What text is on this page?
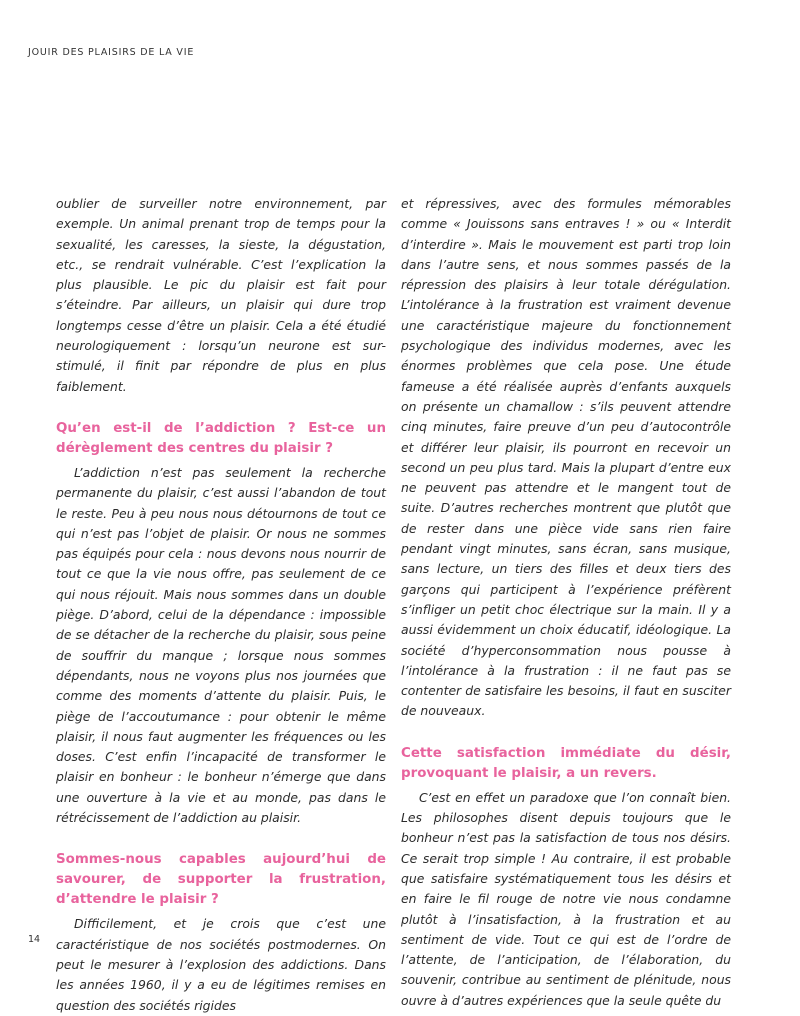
JOUIR DES PLAISIRS DE LA VIE

oublier de surveiller notre environnement, par exemple. Un animal prenant trop de temps pour la sexualité, les caresses, la sieste, la dégustation, etc., se rendrait vulnérable. C’est l’explication la plus plausible. Le pic du plaisir est fait pour s’éteindre. Par ailleurs, un plaisir qui dure trop longtemps cesse d’être un plaisir. Cela a été étudié neurologiquement : lorsqu’un neurone est sur-stimulé, il finit par répondre de plus en plus faiblement.

Qu’en est-il de l’addiction ? Est-ce un dérèglement des centres du plaisir ?

L’addiction n’est pas seulement la recherche permanente du plaisir, c’est aussi l’abandon de tout le reste. Peu à peu nous nous détournons de tout ce qui n’est pas l’objet de plaisir. Or nous ne sommes pas équipés pour cela : nous devons nous nourrir de tout ce que la vie nous offre, pas seulement de ce qui nous réjouit. Mais nous sommes dans un double piège. D’abord, celui de la dépendance : impossible de se détacher de la recherche du plaisir, sous peine de souffrir du manque ; lorsque nous sommes dépendants, nous ne voyons plus nos journées que comme des moments d’attente du plaisir. Puis, le piège de l’accoutumance : pour obtenir le même plaisir, il nous faut augmenter les fréquences ou les doses. C’est enfin l’incapacité de transformer le plaisir en bonheur : le bonheur n’émerge que dans une ouverture à la vie et au monde, pas dans le rétrécissement de l’addiction au plaisir.

Sommes-nous capables aujourd’hui de savourer, de supporter la frustration, d’attendre le plaisir ?

Difficilement, et je crois que c’est une caractéristique de nos sociétés postmodernes. On peut le mesurer à l’explosion des addictions. Dans les années 1960, il y a eu de légitimes remises en question des sociétés rigides

et répressives, avec des formules mémorables comme « Jouissons sans entraves ! » ou « Interdit d’interdire ». Mais le mouvement est parti trop loin dans l’autre sens, et nous sommes passés de la répression des plaisirs à leur totale dérégulation. L’intolérance à la frustration est vraiment devenue une caractéristique majeure du fonctionnement psychologique des individus modernes, avec les énormes problèmes que cela pose. Une étude fameuse a été réalisée auprès d’enfants auxquels on présente un chamallow : s’ils peuvent attendre cinq minutes, faire preuve d’un peu d’autocontrôle et différer leur plaisir, ils pourront en recevoir un second un peu plus tard. Mais la plupart d’entre eux ne peuvent pas attendre et le mangent tout de suite. D’autres recherches montrent que plutôt que de rester dans une pièce vide sans rien faire pendant vingt minutes, sans écran, sans musique, sans lecture, un tiers des filles et deux tiers des garçons qui participent à l’expérience préfèrent s’infliger un petit choc électrique sur la main. Il y a aussi évidemment un choix éducatif, idéologique. La société d’hyperconsommation nous pousse à l’intolérance à la frustration : il ne faut pas se contenter de satisfaire les besoins, il faut en susciter de nouveaux.

Cette satisfaction immédiate du désir, provoquant le plaisir, a un revers.

C’est en effet un paradoxe que l’on connaît bien. Les philosophes disent depuis toujours que le bonheur n’est pas la satisfaction de tous nos désirs. Ce serait trop simple ! Au contraire, il est probable que satisfaire systématiquement tous les désirs et en faire le fil rouge de notre vie nous condamne plutôt à l’insatisfaction, à la frustration et au sentiment de vide. Tout ce qui est de l’ordre de l’attente, de l’anticipation, de l’élaboration, du souvenir, contribue au sentiment de plénitude, nous ouvre à d’autres expériences que la seule quête du

14
